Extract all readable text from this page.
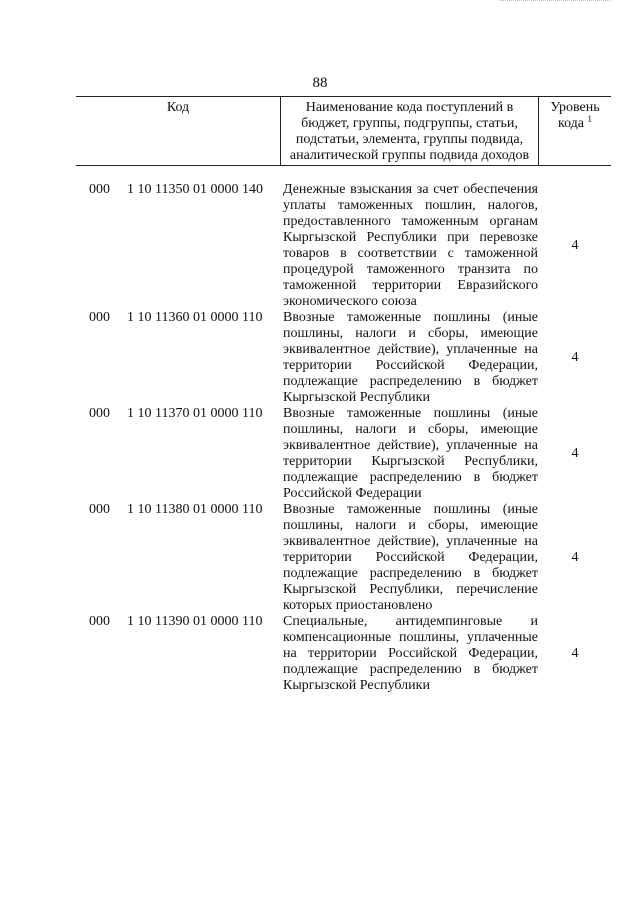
88
Код	Наименование кода поступлений в
бюджет, группы, подгруппы, статьи,
подстатьи, элемента, группы подвида,
аналитической группы подвида доходов
Уровень
кода $^1$
000 1 10 11350 01 0000 140 Денежные взыскания за счет обеспечения уплаты таможенных пошлин, налогов, предоставленного таможенным органам Кыргызской Республики при перевозке товаров в соответствии с таможенной процедурой таможенного транзита по таможенной территории Евразийского экономического союза
4
000 1 10 11360 01 0000 110 Ввозные таможенные пошлины (иные пошлины, налоги и сборы, имеющие эквивалентное действие), уплаченные на территории Российской Федерации, подлежащие распределению в бюджет Кыргызской Республики
4
000 1 10 11370 01 0000 110 Ввозные таможенные пошлины (иные пошлины, налоги и сборы, имеющие эквивалентное действие), уплаченные на территории Кыргызской Республики, подлежащие распределению в бюджет Российской Федерации
4
000 1 10 11380 01 0000 110 Ввозные таможенные пошлины (иные пошлины, налоги и сборы, имеющие эквивалентное действие), уплаченные на территории Российской Федерации, подлежащие распределению в бюджет Кыргызской Республики, перечисление которых приостановлено
4
000 1 10 11390 01 0000 110 Специальные, антидемпинговые и компенсационные пошлины, уплаченные на территории Российской Федерации, подлежащие распределению в бюджет Кыргызской Республики
4
